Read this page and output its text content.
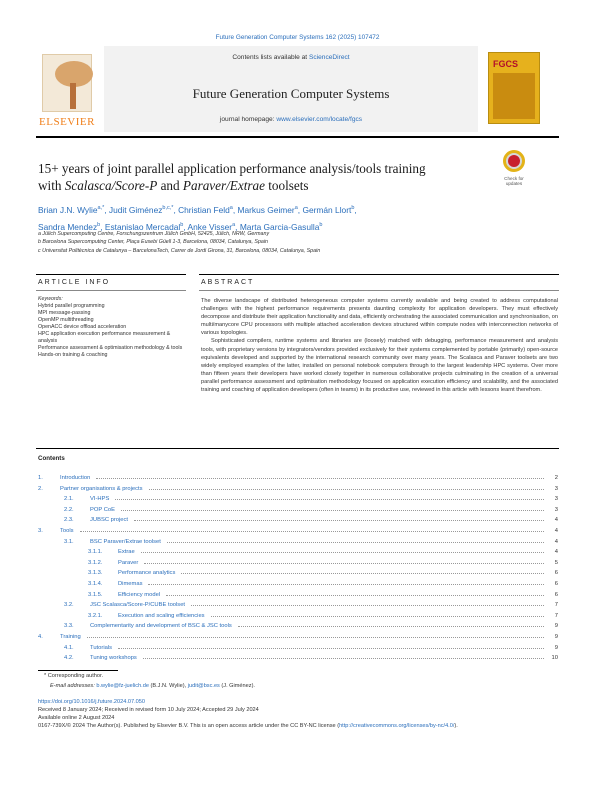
Future Generation Computer Systems 162 (2025) 107472
ELSEVIER
Contents lists available at ScienceDirect
Future Generation Computer Systems
journal homepage: www.elsevier.com/locate/fgcs
FGCS
15+ years of joint parallel application performance analysis/tools training
with Scalasca/Score-P and Paraver/Extrae toolsets	Check for updates
Brian J.N. Wylie$^{a,*}$, Judit Giménez$^{b,c,*}$, Christian Feld$^a$, Markus Geimer$^a$, Germán Llort$^b$,
Sandra Mendez$^b$, Estanislao Mercadal$^b$, Anke Visser$^a$, Marta Garcia-Gasulla$^b$
a Jülich Supercomputing Centre, Forschungszentrum Jülich GmbH, 52425, Jülich, NRW, Germany
b Barcelona Supercomputing Center, Plaça Eusebi Güell 1-3, Barcelona, 08034, Catalunya, Spain
c Universitat Politècnica de Catalunya – BarcelonaTech, Carrer de Jordi Girona, 31, Barcelona, 08034, Catalunya, Spain
ARTICLE INFO	ABSTRACT
Keywords:
Hybrid parallel programming
MPI message-passing
OpenMP multithreading
OpenACC device offload acceleration
HPC application execution performance measurement & analysis
Performance assessment & optimisation methodology & tools
Hands-on training & coaching

The diverse landscape of distributed heterogeneous computer systems currently available and being created to address computational challenges with the highest performance requirements presents daunting complexity for application developers. They must effectively decompose and distribute their application functionality and data, efficiently orchestrating the associated communication and synchronisation, on multi/manycore CPU processors with multiple attached acceleration devices structured within compute nodes with interconnection networks of various topologies.

Sophisticated compilers, runtime systems and libraries are (loosely) matched with debugging, performance measurement and analysis tools, with proprietary versions by integrators/vendors provided exclusively for their systems complemented by portable (primarily) open-source equivalents developed and supported by the international research community over many years. The Scalasca and Paraver toolsets are two widely employed examples of the latter, installed on personal notebook computers through to the largest leadership HPC systems. Over more than fifteen years their developers have worked closely together in numerous collaborative projects culminating in the creation of a universal parallel performance assessment and optimisation methodology focused on application execution efficiency and scalability, and the associated training and coaching of application developers (often in teams) in its productive use, reviewed in this article with lessons learnt therefrom.

Contents
1.	Introduction	2
2.	Partner organisations & projects	3
2.1.	VI-HPS	3
2.2.	POP CoE	3
2.3.	JUBSC project	4
3.	Tools	4
3.1.	BSC Paraver/Extrae toolset	4
3.1.1.	Extrae	4
3.1.2.	Paraver	5
3.1.3.	Performance analytics	6
3.1.4.	Dimemas	6
3.1.5.	Efficiency model	6
3.2.	JSC Scalasca/Score-P/CUBE toolset	7
3.2.1.	Execution and scaling efficiencies	7
3.3.	Complementarity and development of BSC & JSC tools	9
4.	Training	9
4.1.	Tutorials	9
4.2.	Tuning workshops	10
* Corresponding author.
E-mail addresses: b.wylie@fz-juelich.de (B.J.N. Wylie), judit@bsc.es (J. Giménez).
https://doi.org/10.1016/j.future.2024.07.050
Received 8 January 2024; Received in revised form 10 July 2024; Accepted 29 July 2024
Available online 2 August 2024
0167-739X/© 2024 The Author(s). Published by Elsevier B.V. This is an open access article under the CC BY-NC license (http://creativecommons.org/licenses/by-nc/4.0/).
